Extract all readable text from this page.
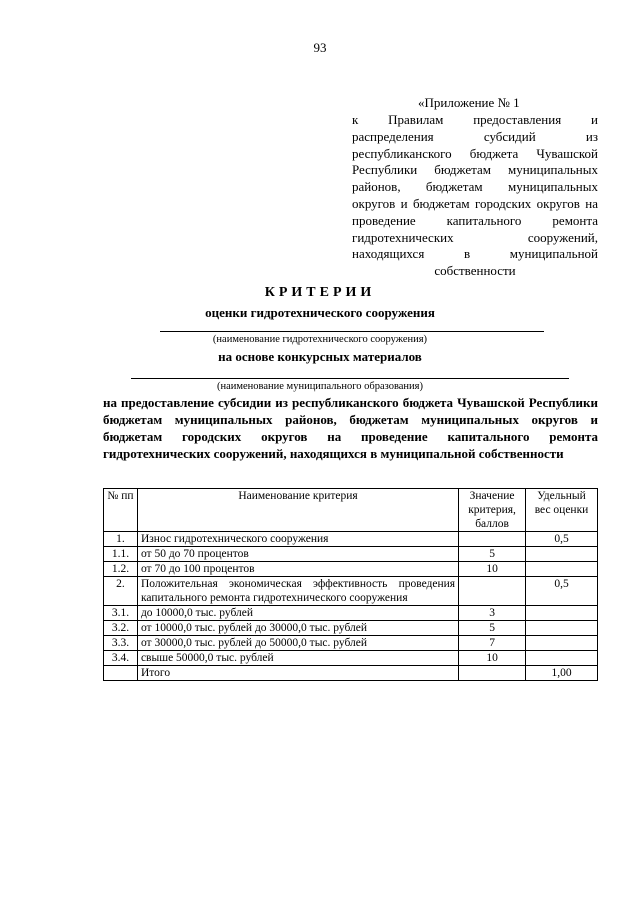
93
«Приложение № 1
к Правилам предоставления и распределения субсидий из республиканского бюджета Чувашской Республики бюджетам муниципальных районов, бюджетам муниципальных округов и бюджетам городских округов на проведение капитального ремонта гидротехнических сооружений, находящихся в муниципальной собственности
КРИТЕРИИ
оценки гидротехнического сооружения
(наименование гидротехнического сооружения)
на основе конкурсных материалов
(наименование муниципального образования)
на предоставление субсидии из республиканского бюджета Чувашской Республики бюджетам муниципальных районов, бюджетам муниципальных округов и бюджетам городских округов на проведение капитального ремонта гидротехнических сооружений, находящихся в муниципальной собственности
№ пп	Наименование критерия	Значение критерия, баллов	Удельный вес оценки
1.	Износ гидротехнического сооружения		0,5
1.1.	от 50 до 70 процентов	5	
1.2.	от 70 до 100 процентов	10	
2.	Положительная экономическая эффективность проведения капитального ремонта гидротехнического сооружения		0,5
3.1.	до 10000,0 тыс. рублей	3	
3.2.	от 10000,0 тыс. рублей до 30000,0 тыс. рублей	5	
3.3.	от 30000,0 тыс. рублей до 50000,0 тыс. рублей	7	
3.4.	свыше 50000,0 тыс. рублей	10	
	Итого		1,00
